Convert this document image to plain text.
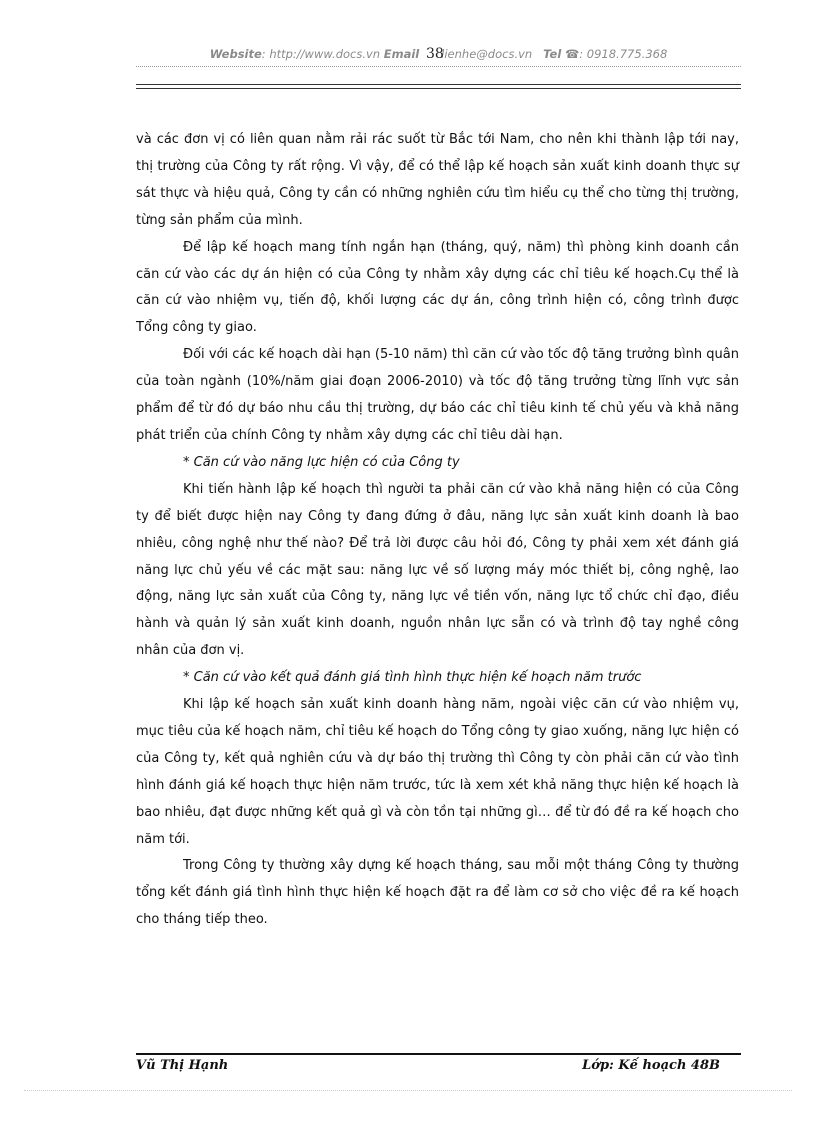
Website: http://www.docs.vn Email lienhe@docs.vn Tel ☎: 0918.775.368
38

và các đơn vị có liên quan nằm rải rác suốt từ Bắc tới Nam, cho nên khi thành lập tới nay, thị trường của Công ty rất rộng. Vì vậy, để có thể lập kế hoạch sản xuất kinh doanh thực sự sát thực và hiệu quả, Công ty cần có những nghiên cứu tìm hiểu cụ thể cho từng thị trường, từng sản phẩm của mình.

Để lập kế hoạch mang tính ngắn hạn (tháng, quý, năm) thì phòng kinh doanh cần căn cứ vào các dự án hiện có của Công ty nhằm xây dựng các chỉ tiêu kế hoạch.Cụ thể là căn cứ vào nhiệm vụ, tiến độ, khối lượng các dự án, công trình hiện có, công trình được Tổng công ty giao.

Đối với các kế hoạch dài hạn (5-10 năm) thì căn cứ vào tốc độ tăng trưởng bình quân của toàn ngành (10%/năm giai đoạn 2006-2010) và tốc độ tăng trưởng từng lĩnh vực sản phẩm để từ đó dự báo nhu cầu thị trường, dự báo các chỉ tiêu kinh tế chủ yếu và khả năng phát triển của chính Công ty nhằm xây dựng các chỉ tiêu dài hạn.

* Căn cứ vào năng lực hiện có của Công ty

Khi tiến hành lập kế hoạch thì người ta phải căn cứ vào khả năng hiện có của Công ty để biết được hiện nay Công ty đang đứng ở đâu, năng lực sản xuất kinh doanh là bao nhiêu, công nghệ như thế nào? Để trả lời được câu hỏi đó, Công ty phải xem xét đánh giá năng lực chủ yếu về các mặt sau: năng lực về số lượng máy móc thiết bị, công nghệ, lao động, năng lực sản xuất của Công ty, năng lực về tiền vốn, năng lực tổ chức chỉ đạo, điều hành và quản lý sản xuất kinh doanh, nguồn nhân lực sẵn có và trình độ tay nghề công nhân của đơn vị.

* Căn cứ vào kết quả đánh giá tình hình thực hiện kế hoạch năm trước

Khi lập kế hoạch sản xuất kinh doanh hàng năm, ngoài việc căn cứ vào nhiệm vụ, mục tiêu của kế hoạch năm, chỉ tiêu kế hoạch do Tổng công ty giao xuống, năng lực hiện có của Công ty, kết quả nghiên cứu và dự báo thị trường thì Công ty còn phải căn cứ vào tình hình đánh giá kế hoạch thực hiện năm trước, tức là xem xét khả năng thực hiện kế hoạch là bao nhiêu, đạt được những kết quả gì và còn tồn tại những gì… để từ đó đề ra kế hoạch cho năm tới.

Trong Công ty thường xây dựng kế hoạch tháng, sau mỗi một tháng Công ty thường tổng kết đánh giá tình hình thực hiện kế hoạch đặt ra để làm cơ sở cho việc đề ra kế hoạch cho tháng tiếp theo.

Vũ Thị Hạnh	Lớp: Kế hoạch 48B
